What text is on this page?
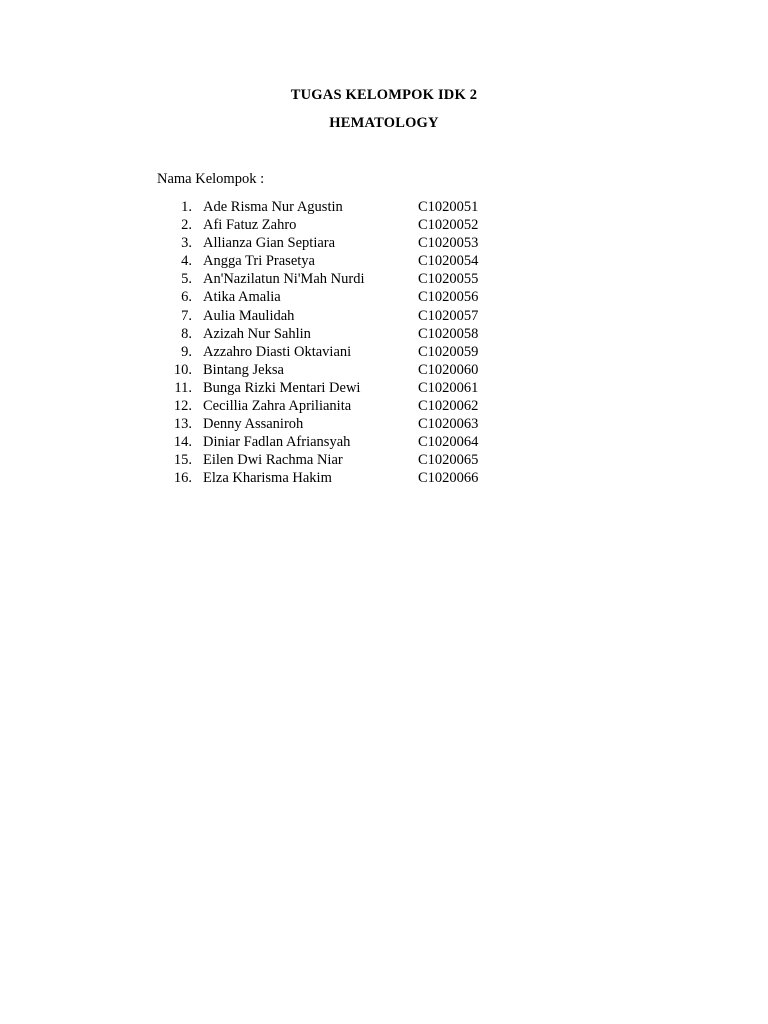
TUGAS KELOMPOK IDK 2
HEMATOLOGY

Nama Kelompok :

1. Ade Risma Nur Agustin	C1020051
2. Afi Fatuz Zahro	C1020052
3. Allianza Gian Septiara	C1020053
4. Angga Tri Prasetya	C1020054
5. An'Nazilatun Ni'Mah Nurdi	C1020055
6. Atika Amalia	C1020056
7. Aulia Maulidah	C1020057
8. Azizah Nur Sahlin	C1020058
9. Azzahro Diasti Oktaviani	C1020059
10. Bintang Jeksa	C1020060
11. Bunga Rizki Mentari Dewi	C1020061
12. Cecillia Zahra Aprilianita	C1020062
13. Denny Assaniroh	C1020063
14. Diniar Fadlan Afriansyah	C1020064
15. Eilen Dwi Rachma Niar	C1020065
16. Elza Kharisma Hakim	C1020066
